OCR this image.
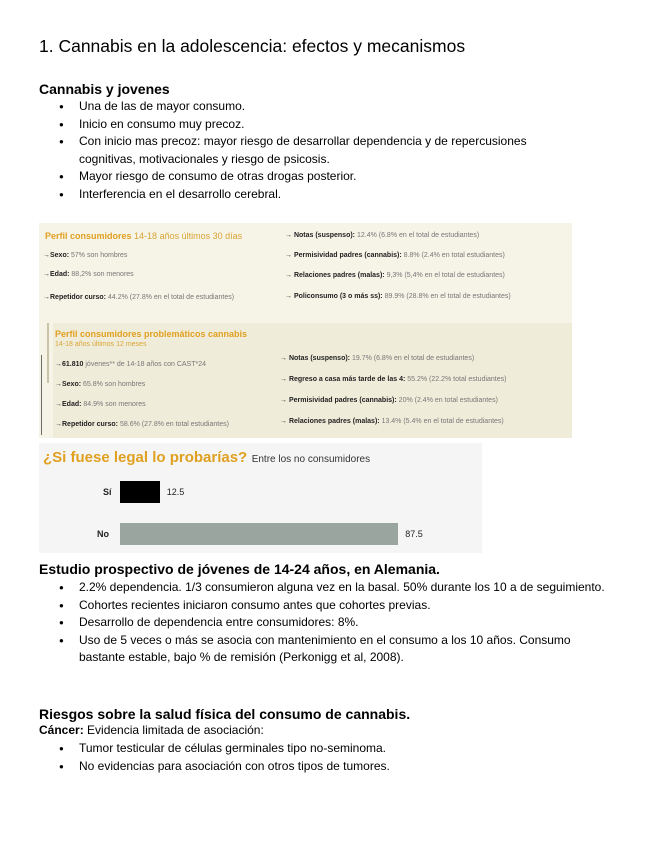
1. Cannabis en la adolescencia: efectos y mecanismos
Cannabis y jovenes
● Una de las de mayor consumo.
● Inicio en consumo muy precoz.
● Con inicio mas precoz: mayor riesgo de desarrollar dependencia y de repercusiones cognitivas, motivacionales y riesgo de psicosis.
● Mayor riesgo de consumo de otras drogas posterior.
● Interferencia en el desarrollo cerebral.
Perfil consumidores 14-18 años últimos 30 días
→Sexo: 57% son hombres
→Edad: 88,2% son menores
→Repetidor curso: 44.2% (27.8% en el total de estudiantes)
→ Notas (suspenso): 12.4% (6.8% en el total de estudiantes)
→ Permisividad padres (cannabis): 8.8% (2.4% en total estudiantes)
→ Relaciones padres (malas): 9,3% (5,4% en el total de estudiantes)
→ Policonsumo (3 o más ss): 89.9% (28.8% en el total de estudiantes)
Perfil consumidores problemáticos cannabis
14-18 años últimos 12 meses
→61.810 jóvenes** de 14-18 años con CAST*24
→Sexo: 65.8% son hombres
→Edad: 84.9% son menores
→Repetidor curso: 58.6% (27.8% en total estudiantes)
→ Notas (suspenso): 19.7% (6.8% en el total de estudiantes)
→ Regreso a casa más tarde de las 4: 55.2% (22.2% total estudiantes)
→ Permisividad padres (cannabis): 20% (2.4% en total estudiantes)
→ Relaciones padres (malas): 13.4% (5.4% en el total de estudiantes)
¿Si fuese legal lo probarías? Entre los no consumidores
Sí
No
12.5
87.5
Estudio prospectivo de jóvenes de 14-24 años, en Alemania.
● 2.2% dependencia. 1/3 consumieron alguna vez en la basal. 50% durante los 10 a de seguimiento.
● Cohortes recientes iniciaron consumo antes que cohortes previas.
● Desarrollo de dependencia entre consumidores: 8%.
● Uso de 5 veces o más se asocia con mantenimiento en el consumo a los 10 años. Consumo bastante estable, bajo % de remisión (Perkonigg et al, 2008).
Riesgos sobre la salud física del consumo de cannabis.
Cáncer: Evidencia limitada de asociación:
● Tumor testicular de células germinales tipo no-seminoma.
● No evidencias para asociación con otros tipos de tumores.
